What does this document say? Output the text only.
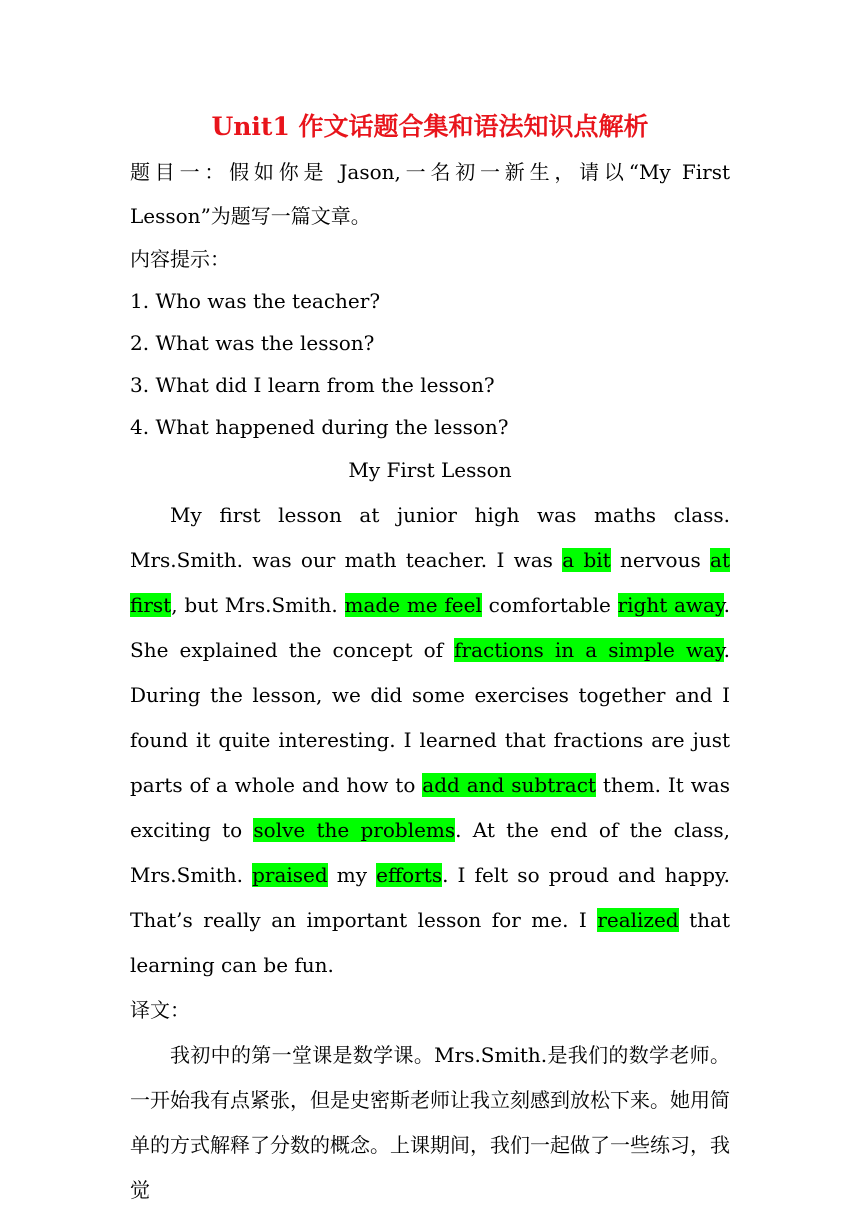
Unit1 作文话题合集和语法知识点解析

题目一：假如你是 Jason,一名初一新生，请以“My First Lesson”为题写一篇文章。

内容提示：

1. Who was the teacher?

2. What was the lesson?

3. What did I learn from the lesson?

4. What happened during the lesson?

My First Lesson

My first lesson at junior high was maths class. Mrs.Smith. was our math teacher. I was a bit nervous at first, but Mrs.Smith. made me feel comfortable right away. She explained the concept of fractions in a simple way. During the lesson, we did some exercises together and I found it quite interesting. I learned that fractions are just parts of a whole and how to add and subtract them. It was exciting to solve the problems. At the end of the class, Mrs.Smith. praised my efforts. I felt so proud and happy. That’s really an important lesson for me. I realized that learning can be fun.

译文：

我初中的第一堂课是数学课。Mrs.Smith.是我们的数学老师。一开始我有点紧张，但是史密斯老师让我立刻感到放松下来。她用简单的方式解释了分数的概念。上课期间，我们一起做了一些练习，我觉
